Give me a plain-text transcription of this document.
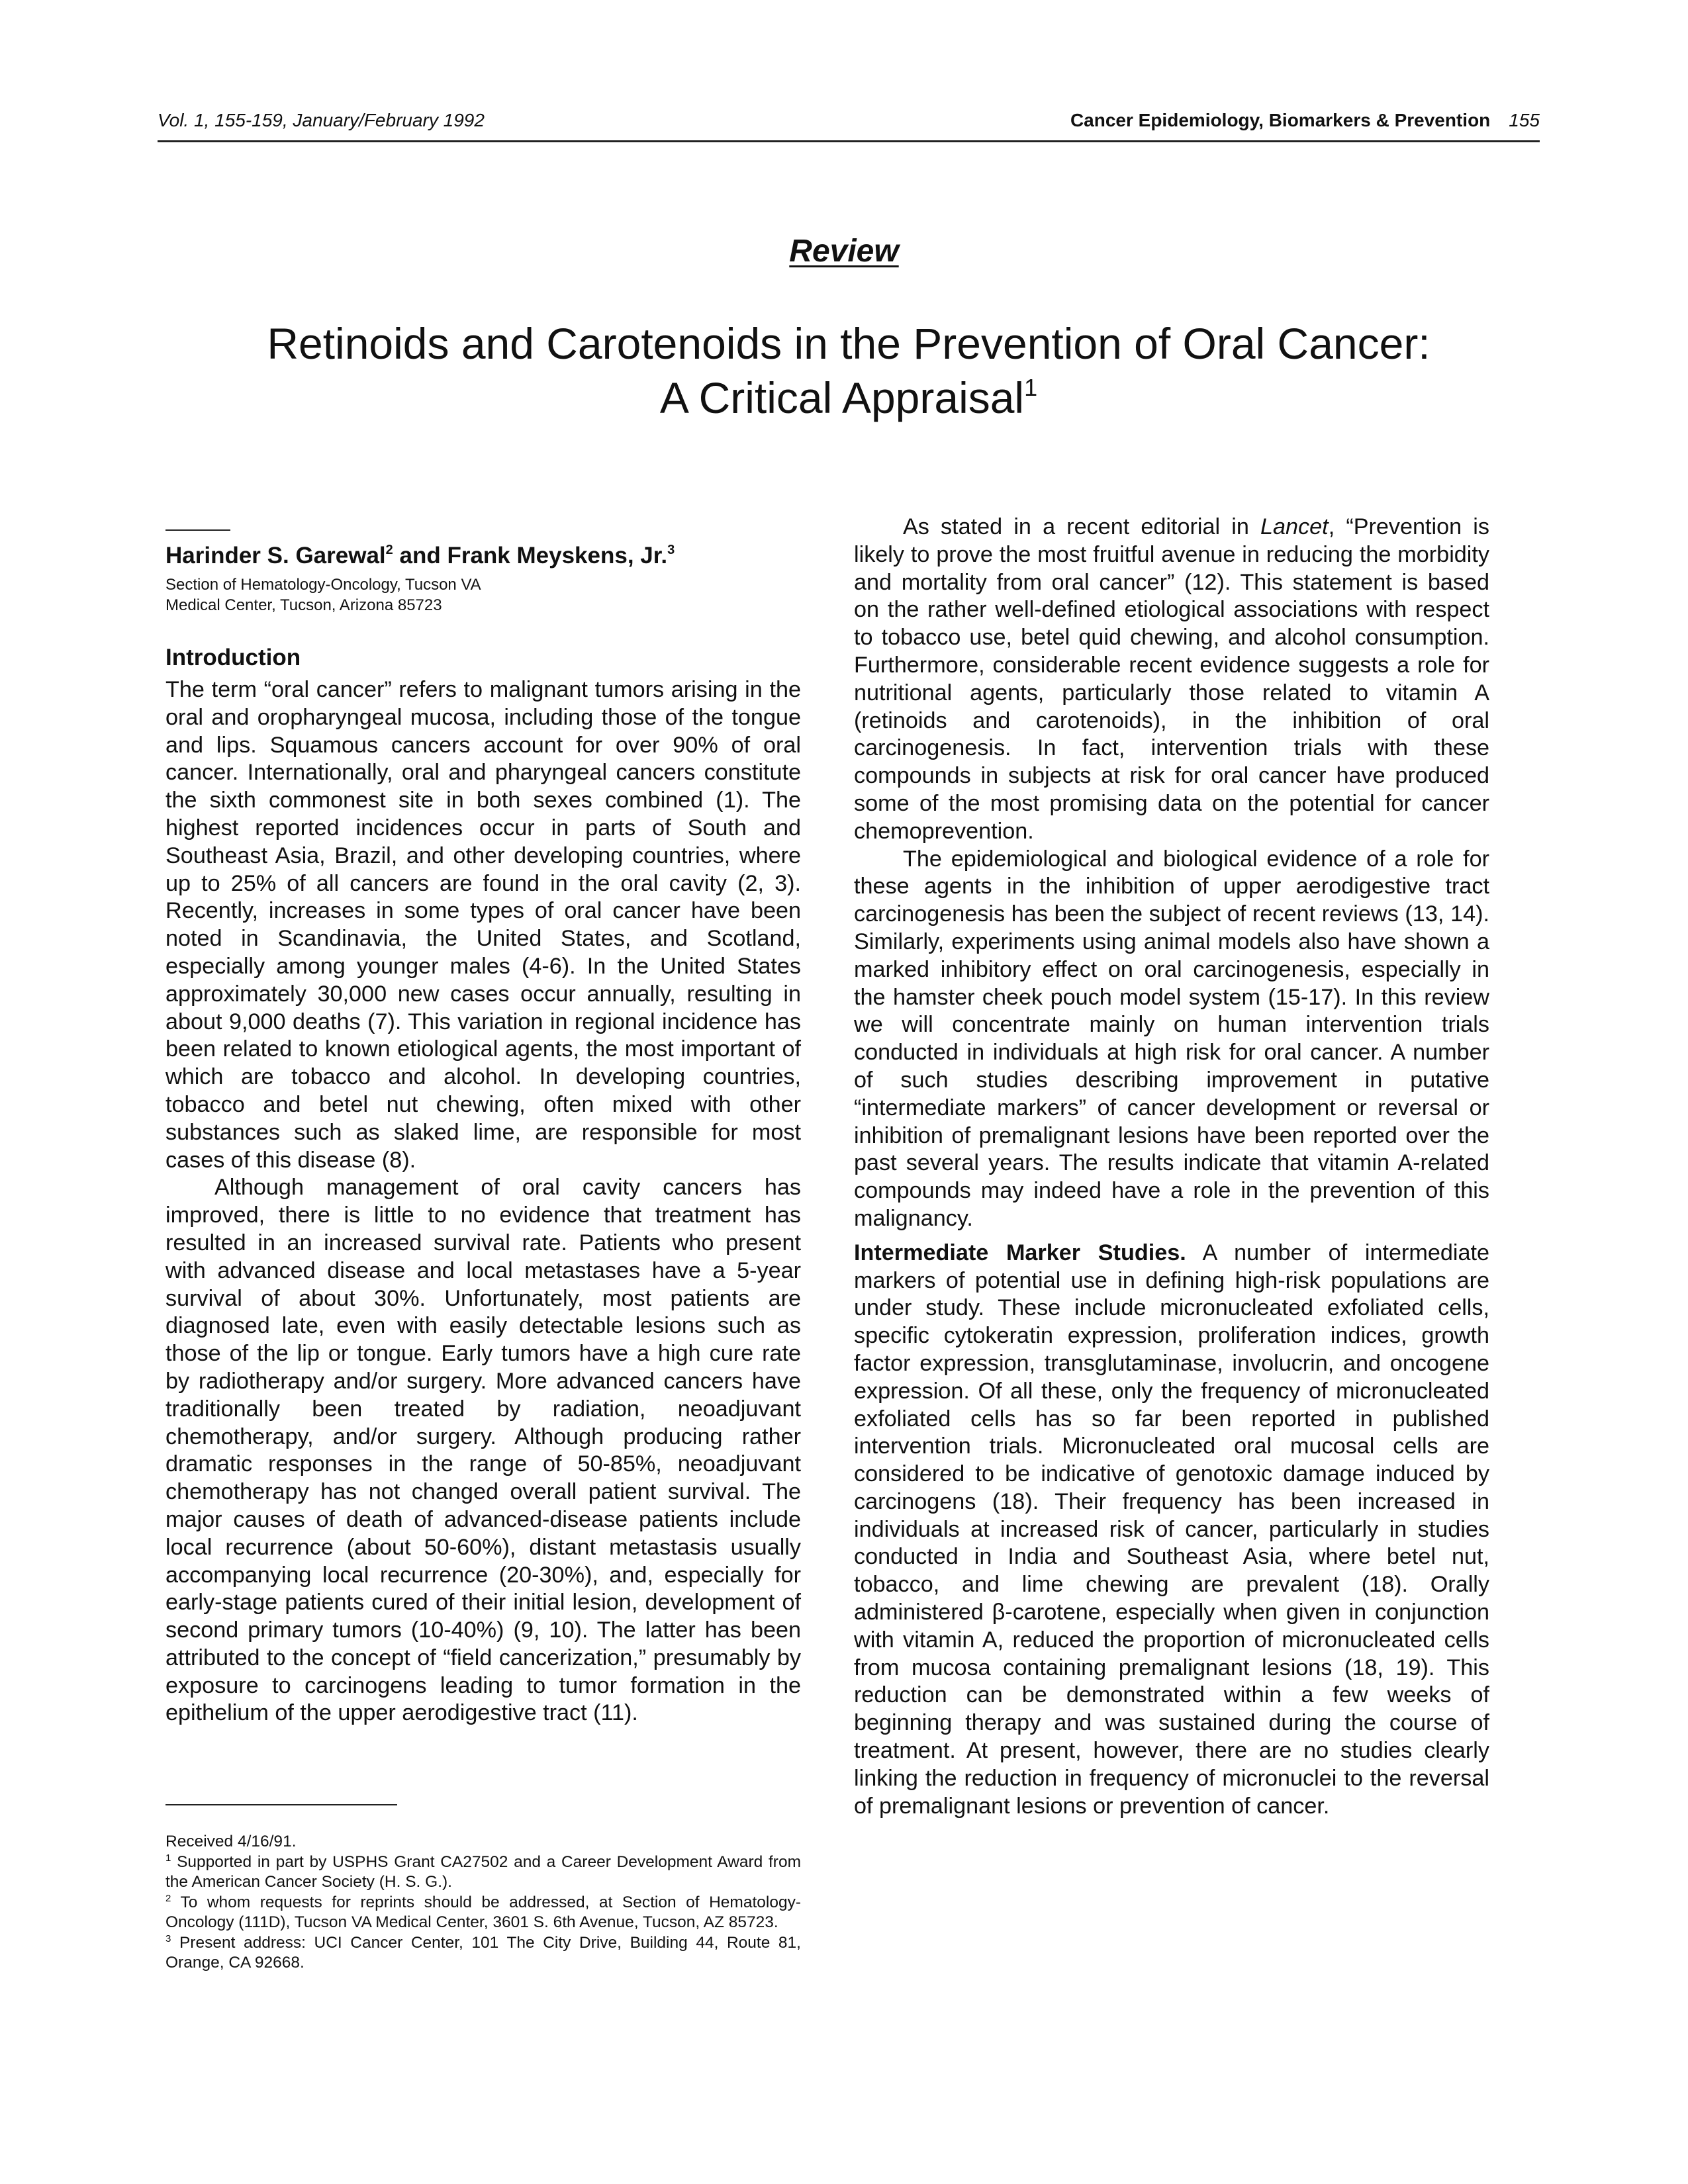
Vol. 1, 155-159, January/February 1992	Cancer Epidemiology, Biomarkers & Prevention 155
Review
Retinoids and Carotenoids in the Prevention of Oral Cancer:
A Critical Appraisal$^1$
Harinder S. Garewal$^2$ and Frank Meyskens, Jr.$^3$

Section of Hematology-Oncology, Tucson VA Medical Center, Tucson, Arizona 85723

Introduction

The term “oral cancer” refers to malignant tumors arising in the oral and oropharyngeal mucosa, including those of the tongue and lips. Squamous cancers account for over 90% of oral cancer. Internationally, oral and pharyngeal cancers constitute the sixth commonest site in both sexes combined (1). The highest reported incidences occur in parts of South and Southeast Asia, Brazil, and other developing countries, where up to 25% of all cancers are found in the oral cavity (2, 3). Recently, increases in some types of oral cancer have been noted in Scandinavia, the United States, and Scotland, especially among younger males (4-6). In the United States approximately 30,000 new cases occur annually, resulting in about 9,000 deaths (7). This variation in regional incidence has been related to known etiological agents, the most important of which are tobacco and alcohol. In developing countries, tobacco and betel nut chewing, often mixed with other substances such as slaked lime, are responsible for most cases of this disease (8).

Although management of oral cavity cancers has improved, there is little to no evidence that treatment has resulted in an increased survival rate. Patients who present with advanced disease and local metastases have a 5-year survival of about 30%. Unfortunately, most patients are diagnosed late, even with easily detectable lesions such as those of the lip or tongue. Early tumors have a high cure rate by radiotherapy and/or surgery. More advanced cancers have traditionally been treated by radiation, neoadjuvant chemotherapy, and/or surgery. Although producing rather dramatic responses in the range of 50-85%, neoadjuvant chemotherapy has not changed overall patient survival. The major causes of death of advanced-disease patients include local recurrence (about 50-60%), distant metastasis usually accompanying local recurrence (20-30%), and, especially for early-stage patients cured of their initial lesion, development of second primary tumors (10-40%) (9, 10). The latter has been attributed to the concept of “field cancerization,” presumably by exposure to carcinogens leading to tumor formation in the epithelium of the upper aerodigestive tract (11).

As stated in a recent editorial in Lancet, “Prevention is likely to prove the most fruitful avenue in reducing the morbidity and mortality from oral cancer” (12). This statement is based on the rather well-defined etiological associations with respect to tobacco use, betel quid chewing, and alcohol consumption. Furthermore, considerable recent evidence suggests a role for nutritional agents, particularly those related to vitamin A (retinoids and carotenoids), in the inhibition of oral carcinogenesis. In fact, intervention trials with these compounds in subjects at risk for oral cancer have produced some of the most promising data on the potential for cancer chemoprevention.

The epidemiological and biological evidence of a role for these agents in the inhibition of upper aerodigestive tract carcinogenesis has been the subject of recent reviews (13, 14). Similarly, experiments using animal models also have shown a marked inhibitory effect on oral carcinogenesis, especially in the hamster cheek pouch model system (15-17). In this review we will concentrate mainly on human intervention trials conducted in individuals at high risk for oral cancer. A number of such studies describing improvement in putative “intermediate markers” of cancer development or reversal or inhibition of premalignant lesions have been reported over the past several years. The results indicate that vitamin A-related compounds may indeed have a role in the prevention of this malignancy.

Intermediate Marker Studies. A number of intermediate markers of potential use in defining high-risk populations are under study. These include micronucleated exfoliated cells, specific cytokeratin expression, proliferation indices, growth factor expression, transglutaminase, involucrin, and oncogene expression. Of all these, only the frequency of micronucleated exfoliated cells has so far been reported in published intervention trials. Micronucleated oral mucosal cells are considered to be indicative of genotoxic damage induced by carcinogens (18). Their frequency has been increased in individuals at increased risk of cancer, particularly in studies conducted in India and Southeast Asia, where betel nut, tobacco, and lime chewing are prevalent (18). Orally administered β-carotene, especially when given in conjunction with vitamin A, reduced the proportion of micronucleated cells from mucosa containing premalignant lesions (18, 19). This reduction can be demonstrated within a few weeks of beginning therapy and was sustained during the course of treatment. At present, however, there are no studies clearly linking the reduction in frequency of micronuclei to the reversal of premalignant lesions or prevention of cancer.

Received 4/16/91.

$^1$ Supported in part by USPHS Grant CA27502 and a Career Development Award from the American Cancer Society (H. S. G.).

$^2$ To whom requests for reprints should be addressed, at Section of Hematology-Oncology (111D), Tucson VA Medical Center, 3601 S. 6th Avenue, Tucson, AZ 85723.

$^3$ Present address: UCI Cancer Center, 101 The City Drive, Building 44, Route 81, Orange, CA 92668.
